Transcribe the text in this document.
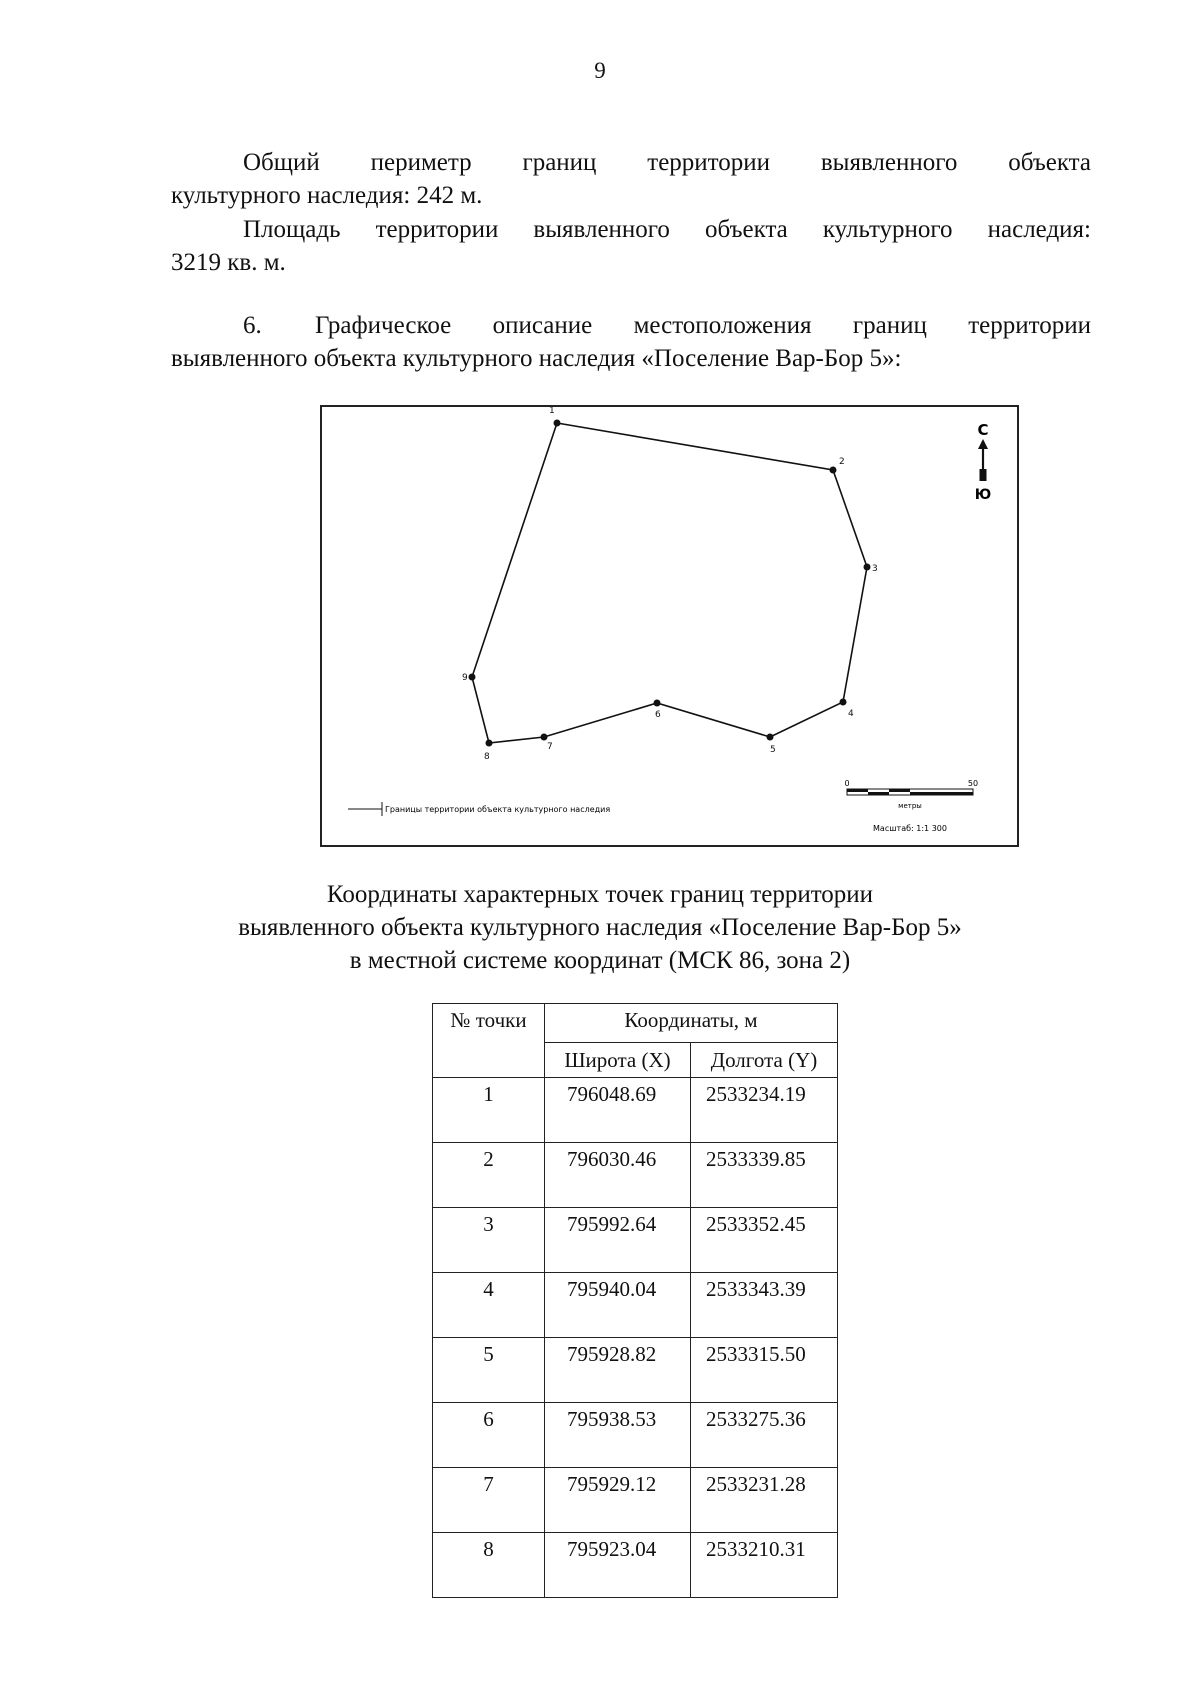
9

Общий периметр границ территории выявленного объекта
культурного наследия: 242 м.

Площадь территории выявленного объекта культурного наследия:
3219 кв. м.

6. Графическое описание местоположения границ территории
выявленного объекта культурного наследия «Поселение Вар-Бор 5»:

1
2
3
4
5
6
7
8
9
С
Ю
Границы территории объекта культурного наследия
0	50
метры
Масштаб: 1:1 300
Координаты характерных точек границ территории
выявленного объекта культурного наследия «Поселение Вар-Бор 5»
в местной системе координат (МСК 86, зона 2)
№ точки	Координаты, м	
	Широта (X)	Долгота (Y)
1	796048.69	2533234.19
2	796030.46	2533339.85
3	795992.64	2533352.45
4	795940.04	2533343.39
5	795928.82	2533315.50
6	795938.53	2533275.36
7	795929.12	2533231.28
8	795923.04	2533210.31
